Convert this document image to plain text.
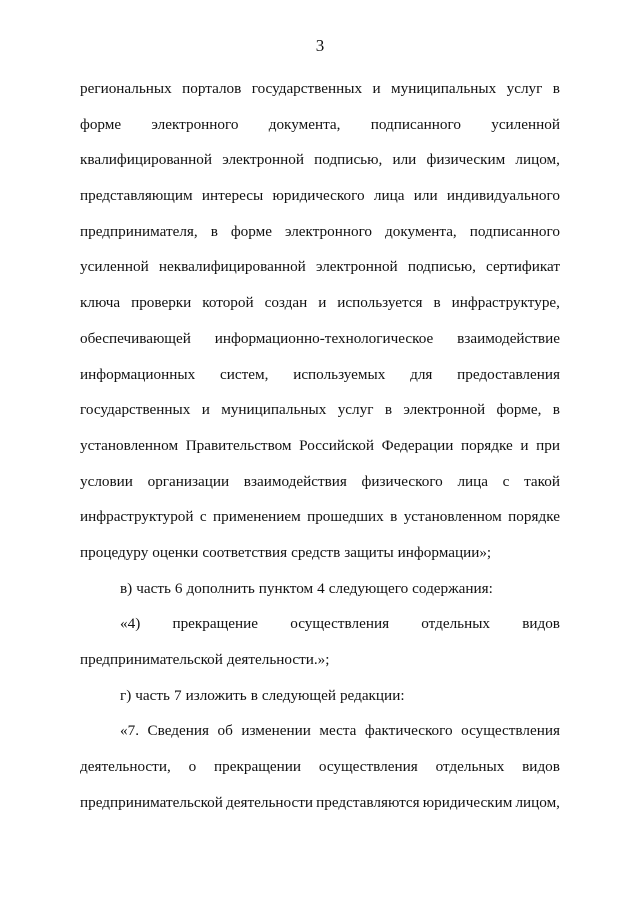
3
региональных порталов государственных и муниципальных услуг в
форме электронного документа, подписанного усиленной
квалифицированной электронной подписью, или физическим лицом,
представляющим интересы юридического лица или индивидуального
предпринимателя, в форме электронного документа, подписанного
усиленной неквалифицированной электронной подписью, сертификат
ключа проверки которой создан и используется в инфраструктуре,
обеспечивающей информационно-технологическое взаимодействие
информационных систем, используемых для предоставления
государственных и муниципальных услуг в электронной форме, в
установленном Правительством Российской Федерации порядке и при
условии организации взаимодействия физического лица с такой
инфраструктурой с применением прошедших в установленном порядке
процедуру оценки соответствия средств защиты информации»;
в) часть 6 дополнить пунктом 4 следующего содержания:
«4) прекращение осуществления отдельных видов
предпринимательской деятельности.»;
г) часть 7 изложить в следующей редакции:
«7. Сведения об изменении места фактического осуществления
деятельности, о прекращении осуществления отдельных видов
предпринимательской деятельности представляются юридическим лицом,
